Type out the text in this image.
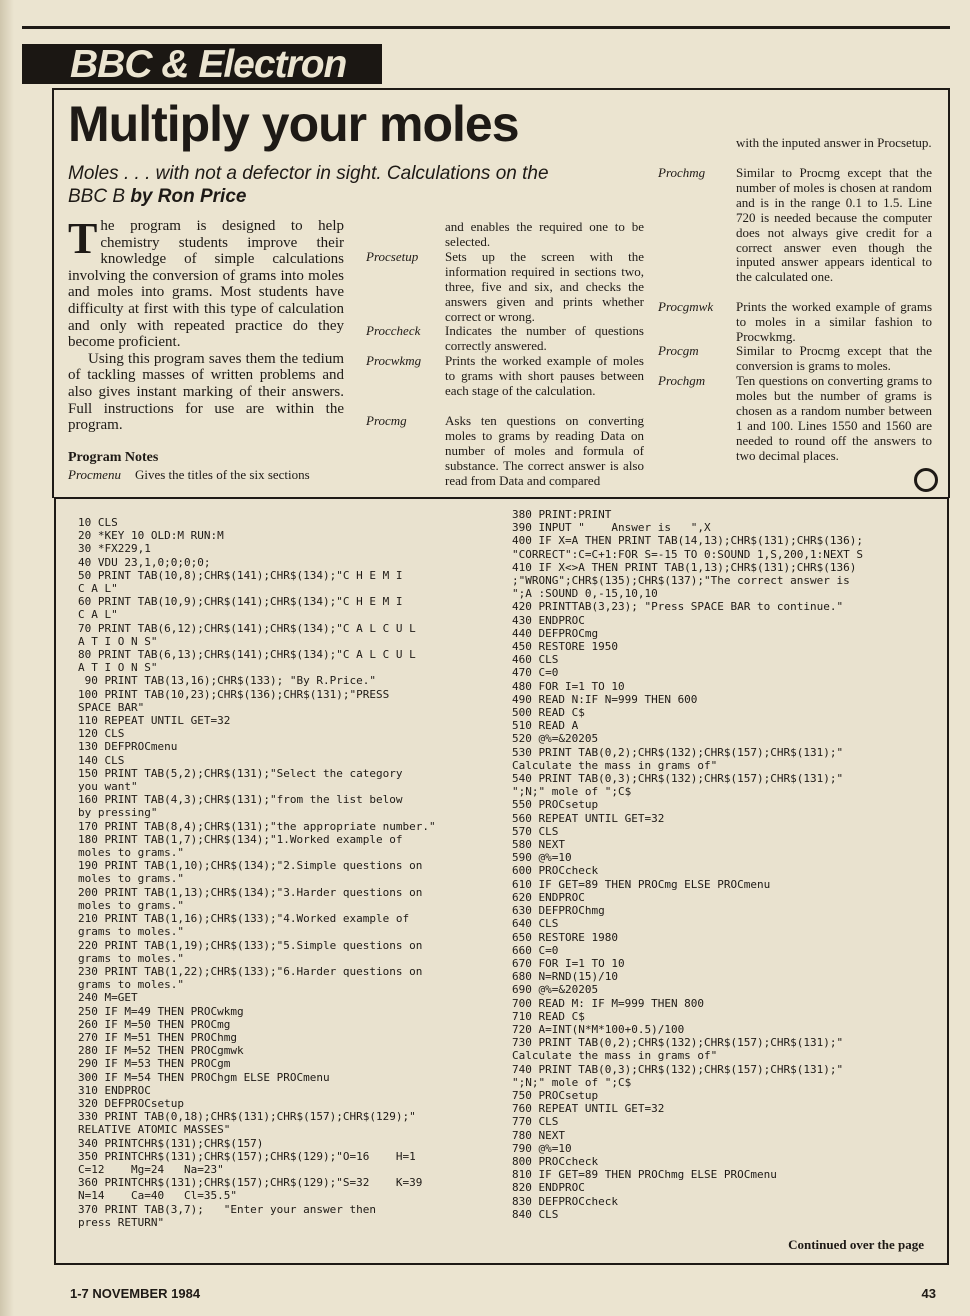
BBC & Electron
Multiply your moles

Moles . . . with not a defector in sight. Calculations on the BBC B by Ron Price

The program is designed to help chemistry students improve their knowledge of simple calculations involving the conversion of grams into moles and moles into grams. Most students have difficulty at first with this type of calculation and only with repeated practice do they become proficient.

Using this program saves them the tedium of tackling masses of written problems and also gives instant marking of their answers. Full instructions for use are within the program.

Program Notes
Procmenu Gives the titles of the six sections
and enables the required one to be selected.
Procsetup Sets up the screen with the information required in sections two, three, five and six, and checks the answers given and prints whether correct or wrong.
Proccheck Indicates the number of questions correctly answered.
Procwkmg Prints the worked example of moles to grams with short pauses between each stage of the calculation.
Procmg	Asks ten questions on converting moles to grams by reading Data on number of moles and formula of substance. The correct answer is also read from Data and compared
with the inputed answer in Procsetup.
Prochmg Similar to Procmg except that the number of moles is chosen at random and is in the range 0.1 to 1.5. Line 720 is needed because the computer does not always give credit for a correct answer even though the inputed answer appears identical to the calculated one.
Procgmwk Prints the worked example of grams to moles in a similar fashion to Procwkmg.
Procgm	Similar to Procmg except that the conversion is grams to moles.
Prochgm Ten questions on converting grams to moles but the number of grams is chosen as a random number between 1 and 100. Lines 1550 and 1560 are needed to round off the answers to two decimal places.
10 CLS
20 *KEY 10 OLD:M RUN:M
30 *FX229,1
40 VDU 23,1,0;0;0;0;
50 PRINT TAB(10,8);CHR$(141);CHR$(134);"C H E M I
C A L"
60 PRINT TAB(10,9);CHR$(141);CHR$(134);"C H E M I
C A L"
70 PRINT TAB(6,12);CHR$(141);CHR$(134);"C A L C U L
A T I O N S"
80 PRINT TAB(6,13);CHR$(141);CHR$(134);"C A L C U L
A T I O N S"
90 PRINT TAB(13,16);CHR$(133); "By R.Price."
100 PRINT TAB(10,23);CHR$(136);CHR$(131);"PRESS
SPACE BAR"
110 REPEAT UNTIL GET=32
120 CLS
130 DEFPROCmenu
140 CLS
150 PRINT TAB(5,2);CHR$(131);"Select the category
you want"
160 PRINT TAB(4,3);CHR$(131);"from the list below
by pressing"
170 PRINT TAB(8,4);CHR$(131);"the appropriate number."
180 PRINT TAB(1,7);CHR$(134);"1.Worked example of
moles to grams."
190 PRINT TAB(1,10);CHR$(134);"2.Simple questions on
moles to grams."
200 PRINT TAB(1,13);CHR$(134);"3.Harder questions on
moles to grams."
210 PRINT TAB(1,16);CHR$(133);"4.Worked example of
grams to moles."
220 PRINT TAB(1,19);CHR$(133);"5.Simple questions on
grams to moles."
230 PRINT TAB(1,22);CHR$(133);"6.Harder questions on
grams to moles."
240 M=GET
250 IF M=49 THEN PROCwkmg
260 IF M=50 THEN PROCmg
270 IF M=51 THEN PROChmg
280 IF M=52 THEN PROCgmwk
290 IF M=53 THEN PROCgm
300 IF M=54 THEN PROChgm ELSE PROCmenu
310 ENDPROC
320 DEFPROCsetup
330 PRINT TAB(0,18);CHR$(131);CHR$(157);CHR$(129);"
RELATIVE ATOMIC MASSES"
340 PRINTCHR$(131);CHR$(157)
350 PRINTCHR$(131);CHR$(157);CHR$(129);"O=16    H=1
C=12    Mg=24   Na=23"
360 PRINTCHR$(131);CHR$(157);CHR$(129);"S=32    K=39
N=14    Ca=40   Cl=35.5"
370 PRINT TAB(3,7);   "Enter your answer then
press RETURN"
380 PRINT:PRINT
390 INPUT "    Answer is   ",X
400 IF X=A THEN PRINT TAB(14,13);CHR$(131);CHR$(136);
"CORRECT":C=C+1:FOR S=-15 TO 0:SOUND 1,S,200,1:NEXT S
410 IF X<>A THEN PRINT TAB(1,13);CHR$(131);CHR$(136)
;"WRONG";CHR$(135);CHR$(137);"The correct answer is
";A :SOUND 0,-15,10,10
420 PRINTTAB(3,23); "Press SPACE BAR to continue."
430 ENDPROC
440 DEFPROCmg
450 RESTORE 1950
460 CLS
470 C=0
480 FOR I=1 TO 10
490 READ N:IF N=999 THEN 600
500 READ C$
510 READ A
520 @%=&20205
530 PRINT TAB(0,2);CHR$(132);CHR$(157);CHR$(131);"
Calculate the mass in grams of"
540 PRINT TAB(0,3);CHR$(132);CHR$(157);CHR$(131);"
";N;" mole of ";C$
550 PROCsetup
560 REPEAT UNTIL GET=32
570 CLS
580 NEXT
590 @%=10
600 PROCcheck
610 IF GET=89 THEN PROCmg ELSE PROCmenu
620 ENDPROC
630 DEFPROChmg
640 CLS
650 RESTORE 1980
660 C=0
670 FOR I=1 TO 10
680 N=RND(15)/10
690 @%=&20205
700 READ M: IF M=999 THEN 800
710 READ C$
720 A=INT(N*M*100+0.5)/100
730 PRINT TAB(0,2);CHR$(132);CHR$(157);CHR$(131);"
Calculate the mass in grams of"
740 PRINT TAB(0,3);CHR$(132);CHR$(157);CHR$(131);"
";N;" mole of ";C$
750 PROCsetup
760 REPEAT UNTIL GET=32
770 CLS
780 NEXT
790 @%=10
800 PROCcheck
810 IF GET=89 THEN PROChmg ELSE PROCmenu
820 ENDPROC
830 DEFPROCcheck
840 CLS
Continued over the page
1-7 NOVEMBER 1984	43
